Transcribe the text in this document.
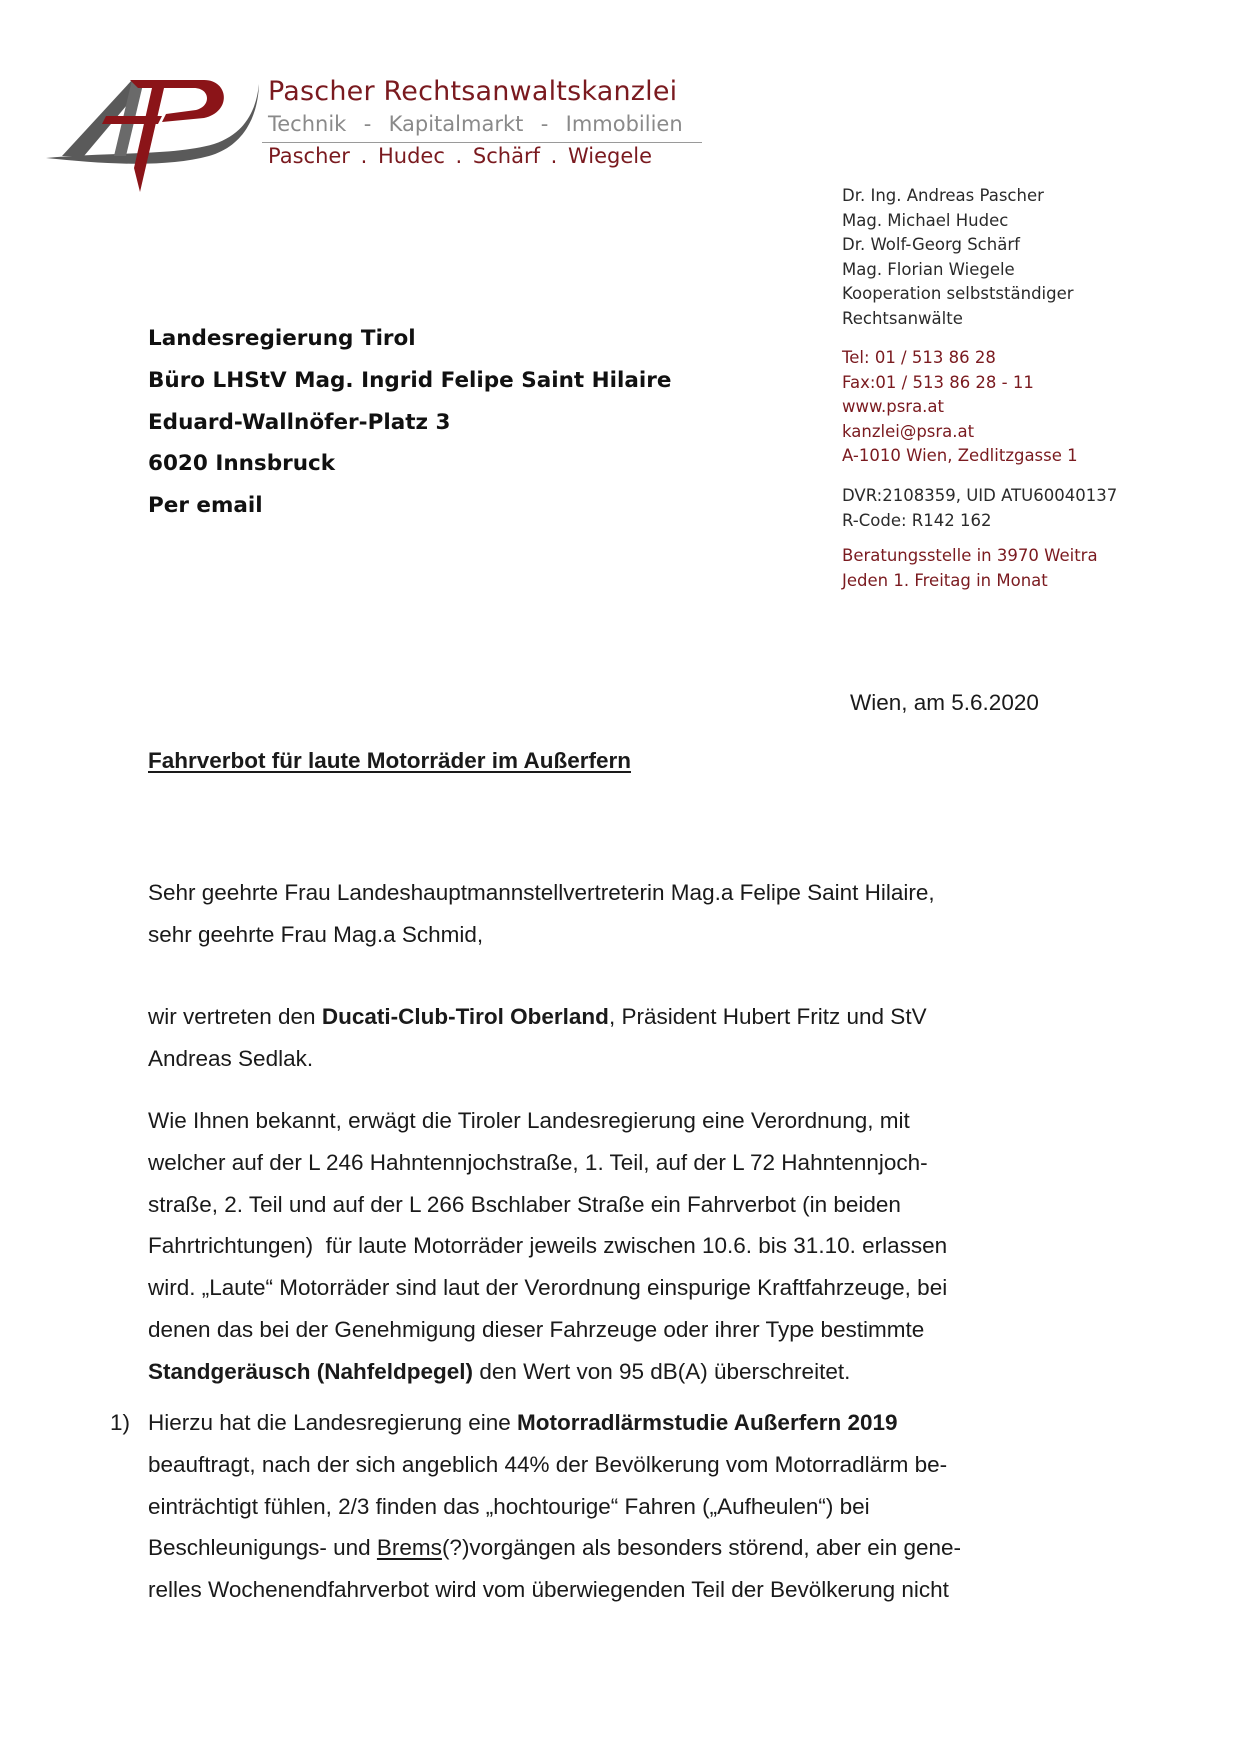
Pascher Rechtsanwaltskanzlei
Technik  -  Kapitalmarkt  -  Immobilien
Pascher . Hudec . Schärf . Wiegele
Dr. Ing. Andreas Pascher
Mag. Michael Hudec
Dr. Wolf-Georg Schärf
Mag. Florian Wiegele
Kooperation selbstständiger
Rechtsanwälte
Tel: 01 / 513 86 28
Fax:01 / 513 86 28 - 11
www.psra.at
kanzlei@psra.at
A-1010 Wien, Zedlitzgasse 1
DVR:2108359, UID ATU60040137
R-Code: R142 162
Beratungsstelle in 3970 Weitra
Jeden 1. Freitag in Monat
Landesregierung Tirol
Büro LHStV Mag. Ingrid Felipe Saint Hilaire
Eduard-Wallnöfer-Platz 3
6020 Innsbruck
Per email
Wien, am 5.6.2020
Fahrverbot für laute Motorräder im Außerfern
Sehr geehrte Frau Landeshauptmannstellvertreterin Mag.a Felipe Saint Hilaire,
sehr geehrte Frau Mag.a Schmid,
wir vertreten den Ducati-Club-Tirol Oberland, Präsident Hubert Fritz und StV
Andreas Sedlak.
Wie Ihnen bekannt, erwägt die Tiroler Landesregierung eine Verordnung, mit
welcher auf der L 246 Hahntennjochstraße, 1. Teil, auf der L 72 Hahntennjoch-
straße, 2. Teil und auf der L 266 Bschlaber Straße ein Fahrverbot (in beiden
Fahrtrichtungen)  für laute Motorräder jeweils zwischen 10.6. bis 31.10. erlassen
wird. „Laute“ Motorräder sind laut der Verordnung einspurige Kraftfahrzeuge, bei
denen das bei der Genehmigung dieser Fahrzeuge oder ihrer Type bestimmte
Standgeräusch (Nahfeldpegel) den Wert von 95 dB(A) überschreitet.
1) Hierzu hat die Landesregierung eine Motorradlärmstudie Außerfern 2019
beauftragt, nach der sich angeblich 44% der Bevölkerung vom Motorradlärm be-
einträchtigt fühlen, 2/3 finden das „hochtourige“ Fahren („Aufheulen“) bei
Beschleunigungs- und Brems(?)vorgängen als besonders störend, aber ein gene-
relles Wochenendfahrverbot wird vom überwiegenden Teil der Bevölkerung nicht
